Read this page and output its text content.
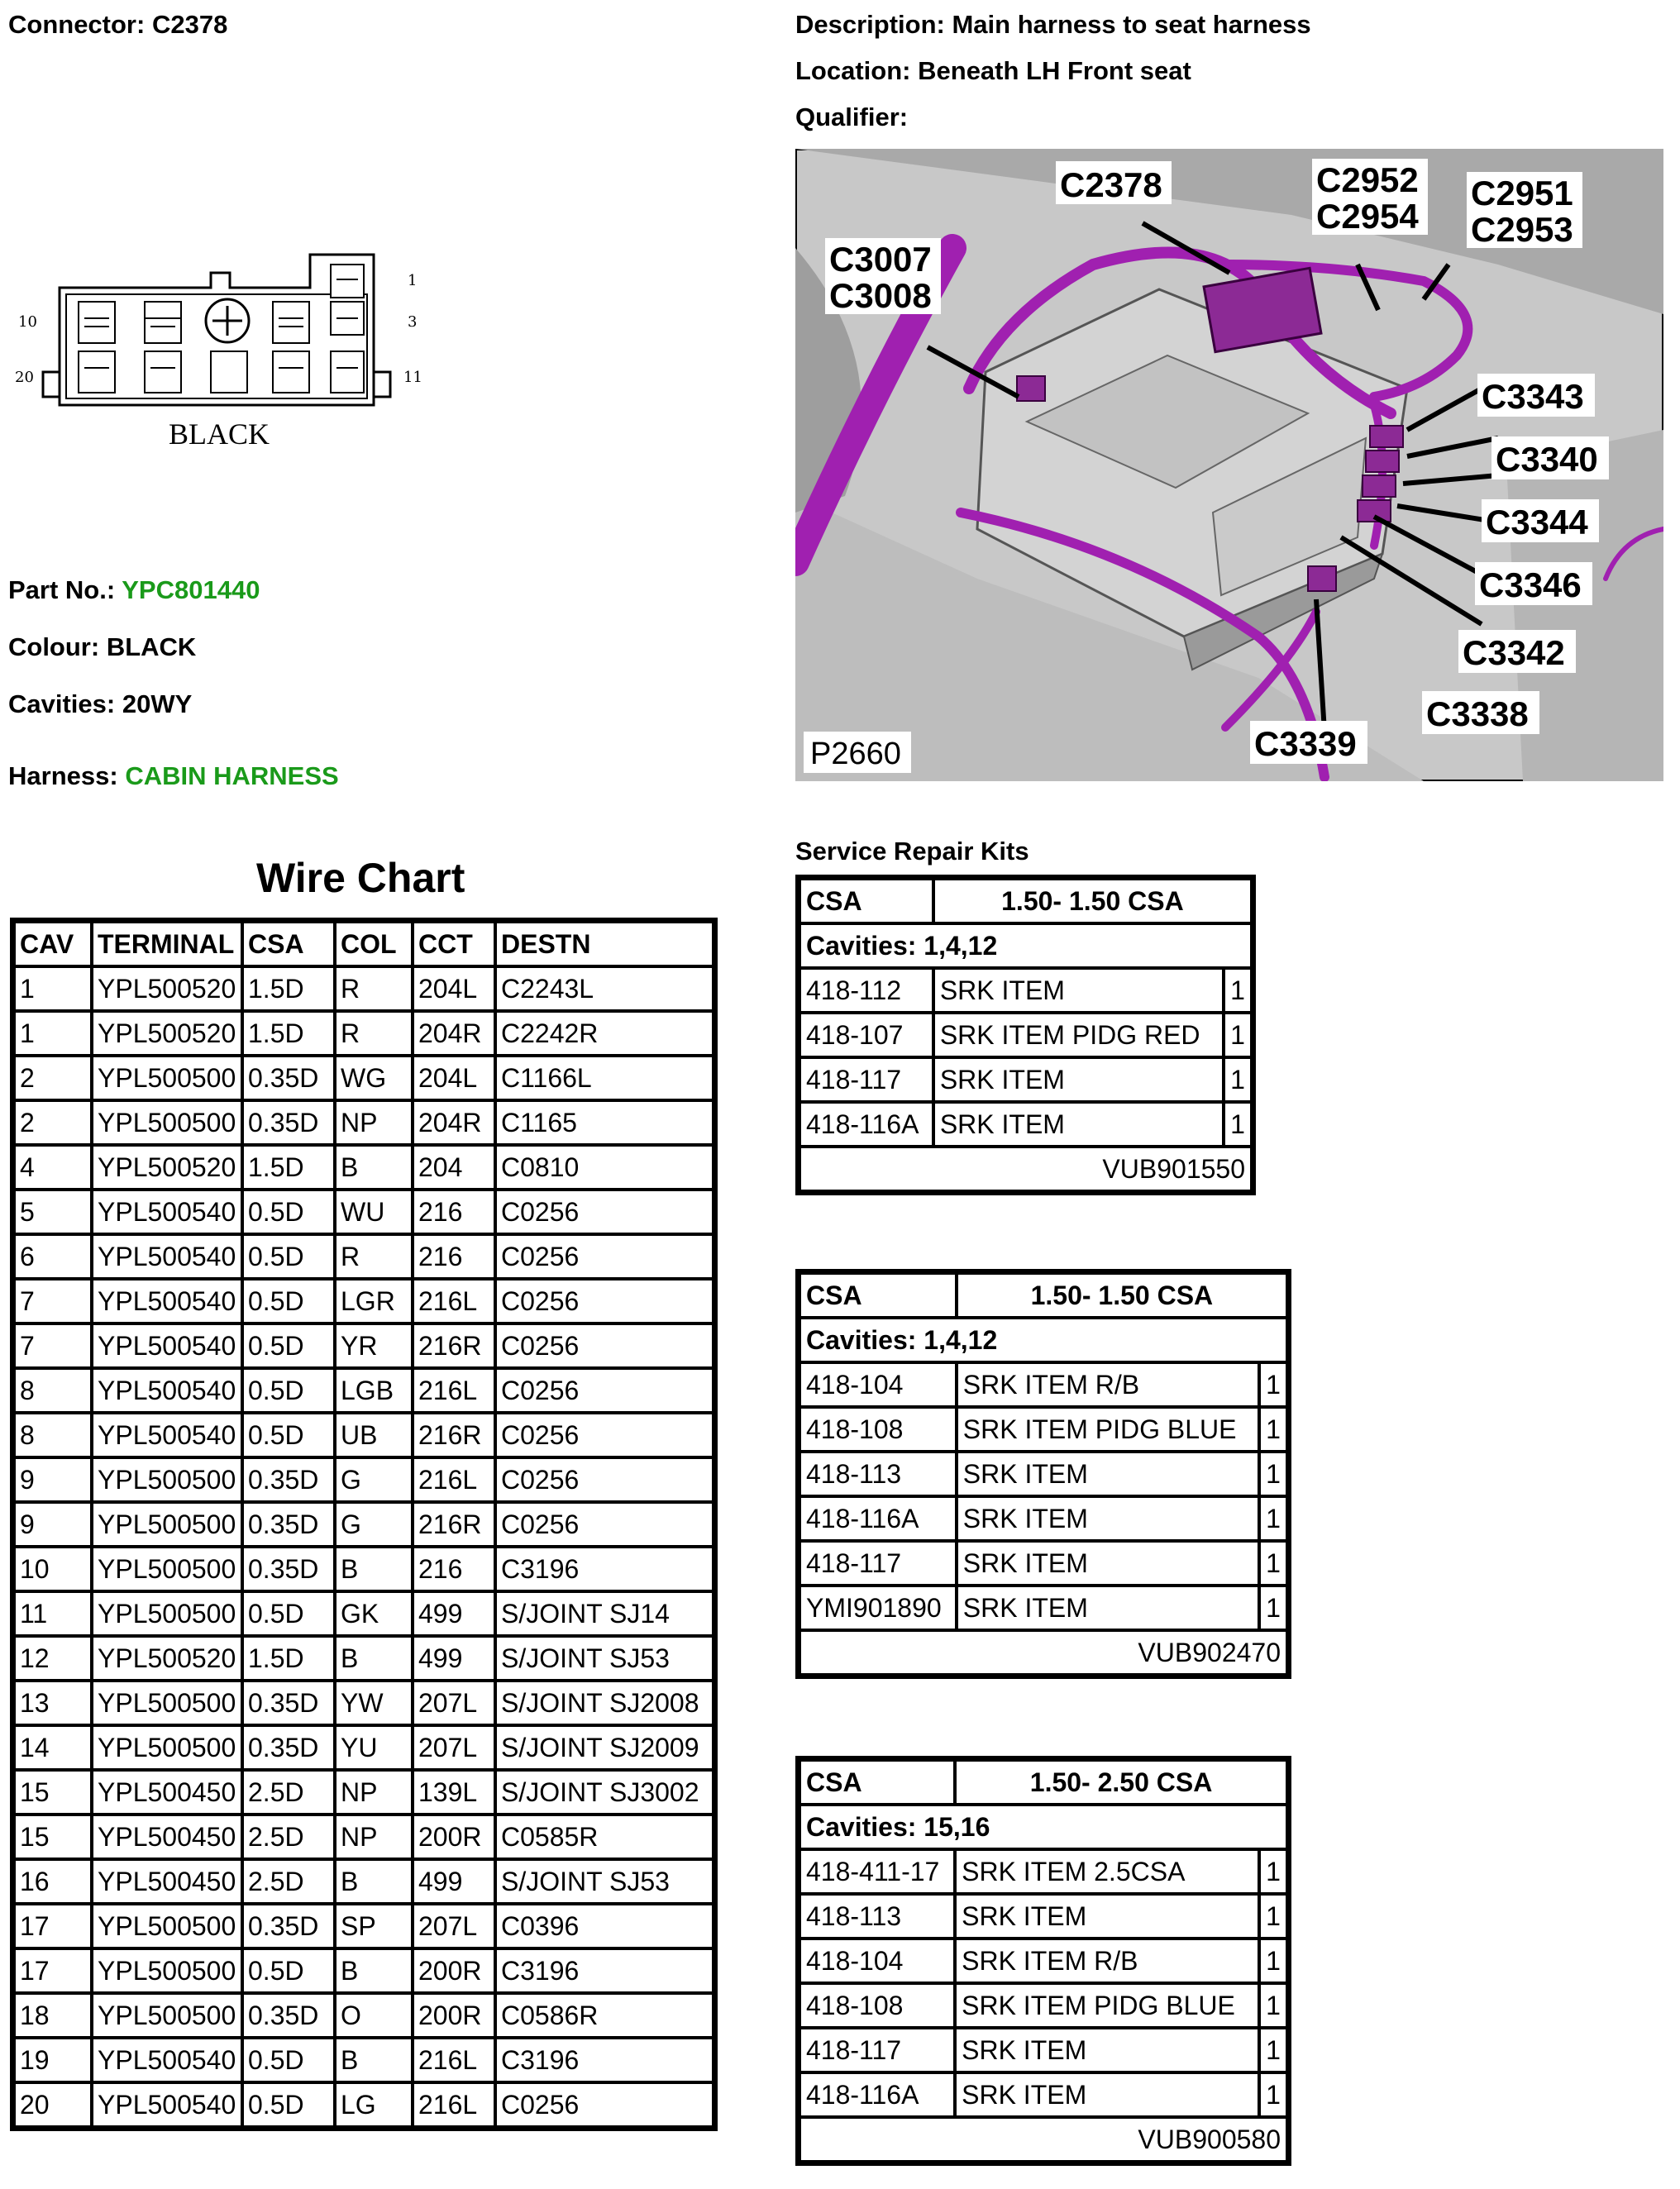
Connector: C2378	Description: Main harness to seat harness
Location: Beneath LH Front seat
Qualifier:
1
10	3
20	11
BLACK
Part No.: YPC801440
Colour: BLACK
Cavities: 20WY
Harness: CABIN HARNESS
C2378	C2952
C2954
C2951
C2953
C3007
C3008
C3343
C3340
C3344
C3346
C3342
C3338
C3339
P2660
Wire Chart
CAV	TERMINAL	CSA	COL	CCT	DESTN
1	YPL500520	1.5D	R	204L	C2243L
1	YPL500520	1.5D	R	204R	C2242R
2	YPL500500	0.35D	WG	204L	C1166L
2	YPL500500	0.35D	NP	204R	C1165
4	YPL500520	1.5D	B	204	C0810
5	YPL500540	0.5D	WU	216	C0256
6	YPL500540	0.5D	R	216	C0256
7	YPL500540	0.5D	LGR	216L	C0256
7	YPL500540	0.5D	YR	216R	C0256
8	YPL500540	0.5D	LGB	216L	C0256
8	YPL500540	0.5D	UB	216R	C0256
9	YPL500500	0.35D	G	216L	C0256
9	YPL500500	0.35D	G	216R	C0256
10	YPL500500	0.35D	B	216	C3196
11	YPL500500	0.5D	GK	499	S/JOINT SJ14
12	YPL500520	1.5D	B	499	S/JOINT SJ53
13	YPL500500	0.35D	YW	207L	S/JOINT SJ2008
14	YPL500500	0.35D	YU	207L	S/JOINT SJ2009
15	YPL500450	2.5D	NP	139L	S/JOINT SJ3002
15	YPL500450	2.5D	NP	200R	C0585R
16	YPL500450	2.5D	B	499	S/JOINT SJ53
17	YPL500500	0.35D	SP	207L	C0396
17	YPL500500	0.5D	B	200R	C3196
18	YPL500500	0.35D	O	200R	C0586R
19	YPL500540	0.5D	B	216L	C3196
20	YPL500540	0.5D	LG	216L	C0256
Service Repair Kits
CSA	1.50- 1.50 CSA	
Cavities: 1,4,12		
418-112	SRK ITEM	1
418-107	SRK ITEM PIDG RED	1
418-117	SRK ITEM	1
418-116A	SRK ITEM	1
VUB901550		
CSA	1.50- 1.50 CSA	
Cavities: 1,4,12		
418-104	SRK ITEM R/B	1
418-108	SRK ITEM PIDG BLUE	1
418-113	SRK ITEM	1
418-116A	SRK ITEM	1
418-117	SRK ITEM	1
YMI901890	SRK ITEM	1
VUB902470		
CSA	1.50- 2.50 CSA	
Cavities: 15,16		
418-411-17	SRK ITEM 2.5CSA	1
418-113	SRK ITEM	1
418-104	SRK ITEM R/B	1
418-108	SRK ITEM PIDG BLUE	1
418-117	SRK ITEM	1
418-116A	SRK ITEM	1
VUB900580		
